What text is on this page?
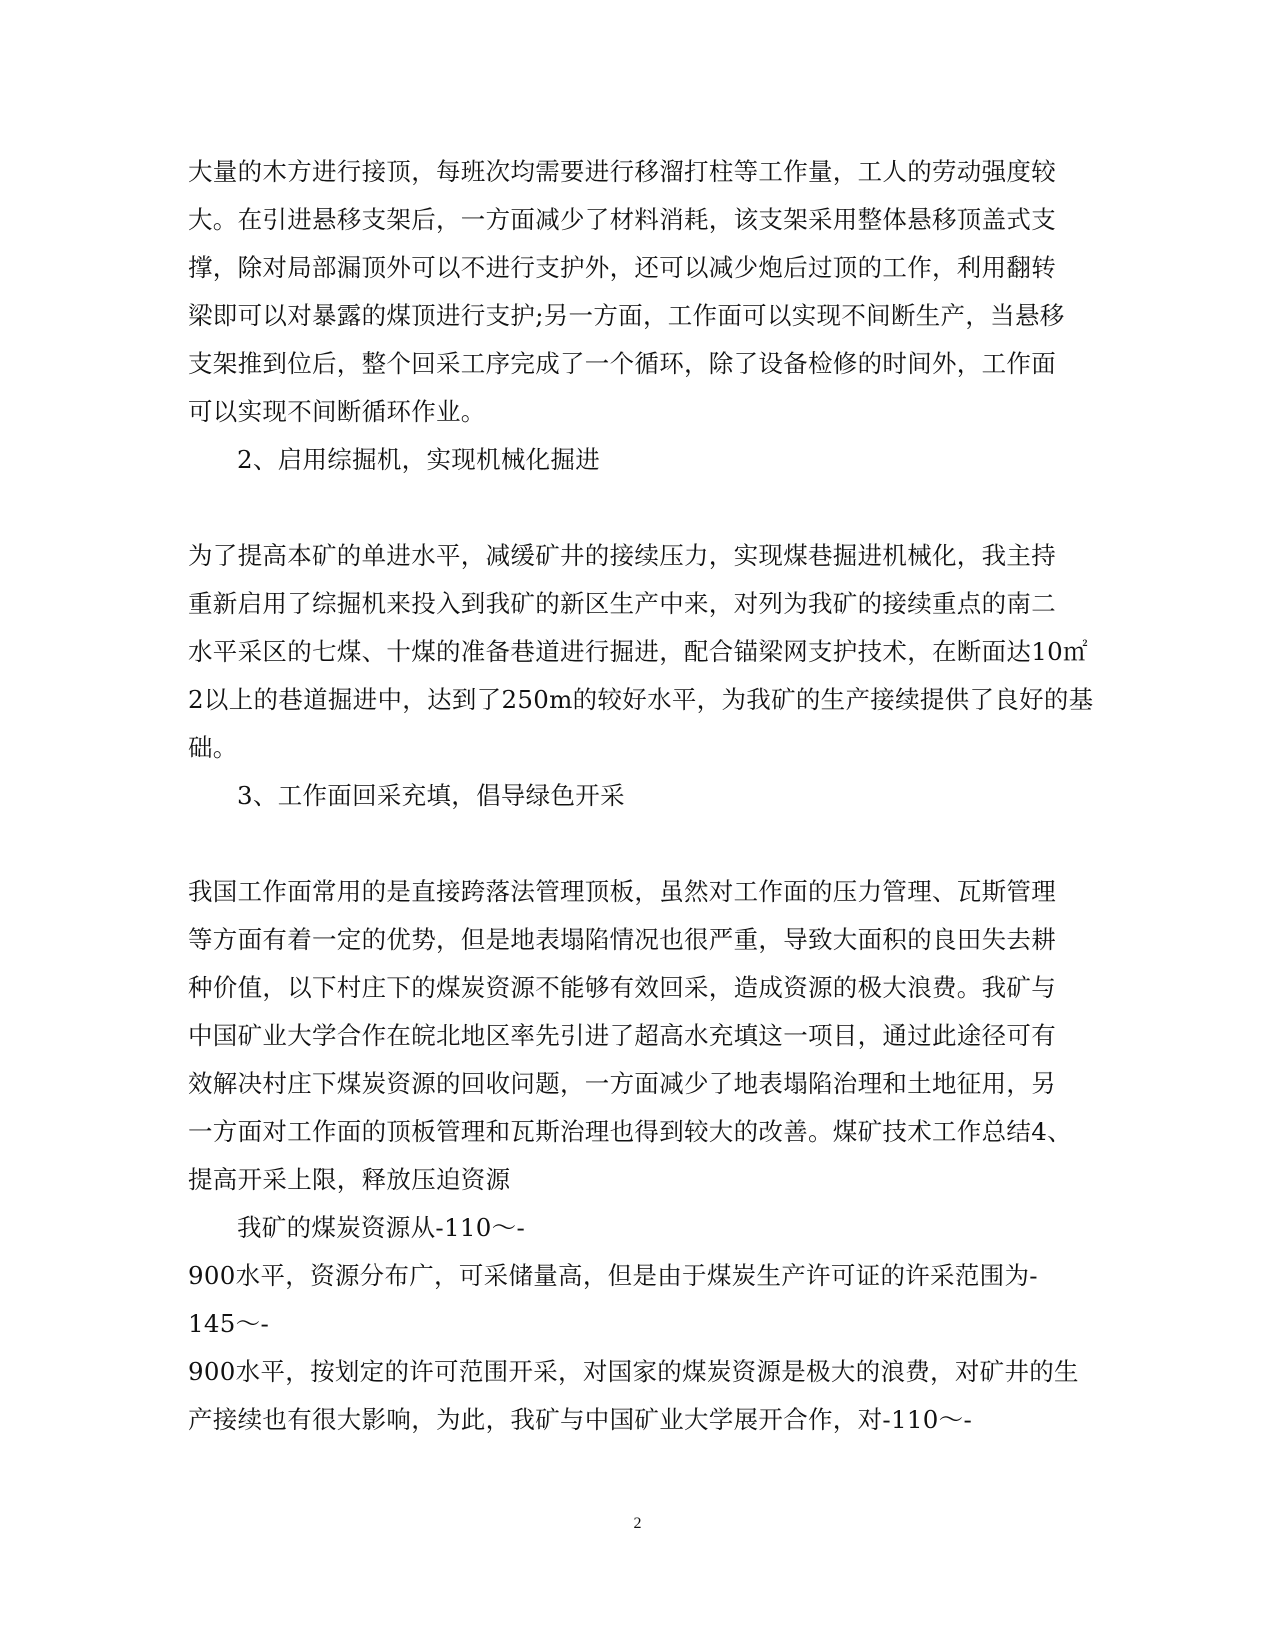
大量的木方进行接顶，每班次均需要进行移溜打柱等工作量，工人的劳动强度较
大。在引进悬移支架后，一方面减少了材料消耗，该支架采用整体悬移顶盖式支
撑，除对局部漏顶外可以不进行支护外，还可以减少炮后过顶的工作，利用翻转
梁即可以对暴露的煤顶进行支护;另一方面，工作面可以实现不间断生产，当悬移
支架推到位后，整个回采工序完成了一个循环，除了设备检修的时间外，工作面
可以实现不间断循环作业。
2、启用综掘机，实现机械化掘进
为了提高本矿的单进水平，减缓矿井的接续压力，实现煤巷掘进机械化，我主持
重新启用了综掘机来投入到我矿的新区生产中来，对列为我矿的接续重点的南二
水平采区的七煤、十煤的准备巷道进行掘进，配合锚梁网支护技术，在断面达10㎡
2以上的巷道掘进中，达到了250m的较好水平，为我矿的生产接续提供了良好的基
础。
3、工作面回采充填，倡导绿色开采
我国工作面常用的是直接跨落法管理顶板，虽然对工作面的压力管理、瓦斯管理
等方面有着一定的优势，但是地表塌陷情况也很严重，导致大面积的良田失去耕
种价值，以下村庄下的煤炭资源不能够有效回采，造成资源的极大浪费。我矿与
中国矿业大学合作在皖北地区率先引进了超高水充填这一项目，通过此途径可有
效解决村庄下煤炭资源的回收问题，一方面减少了地表塌陷治理和土地征用，另
一方面对工作面的顶板管理和瓦斯治理也得到较大的改善。煤矿技术工作总结4、
提高开采上限，释放压迫资源
我矿的煤炭资源从-110～-
900水平，资源分布广，可采储量高，但是由于煤炭生产许可证的许采范围为-
145～-
900水平，按划定的许可范围开采，对国家的煤炭资源是极大的浪费，对矿井的生
产接续也有很大影响，为此，我矿与中国矿业大学展开合作，对-110～-
2
